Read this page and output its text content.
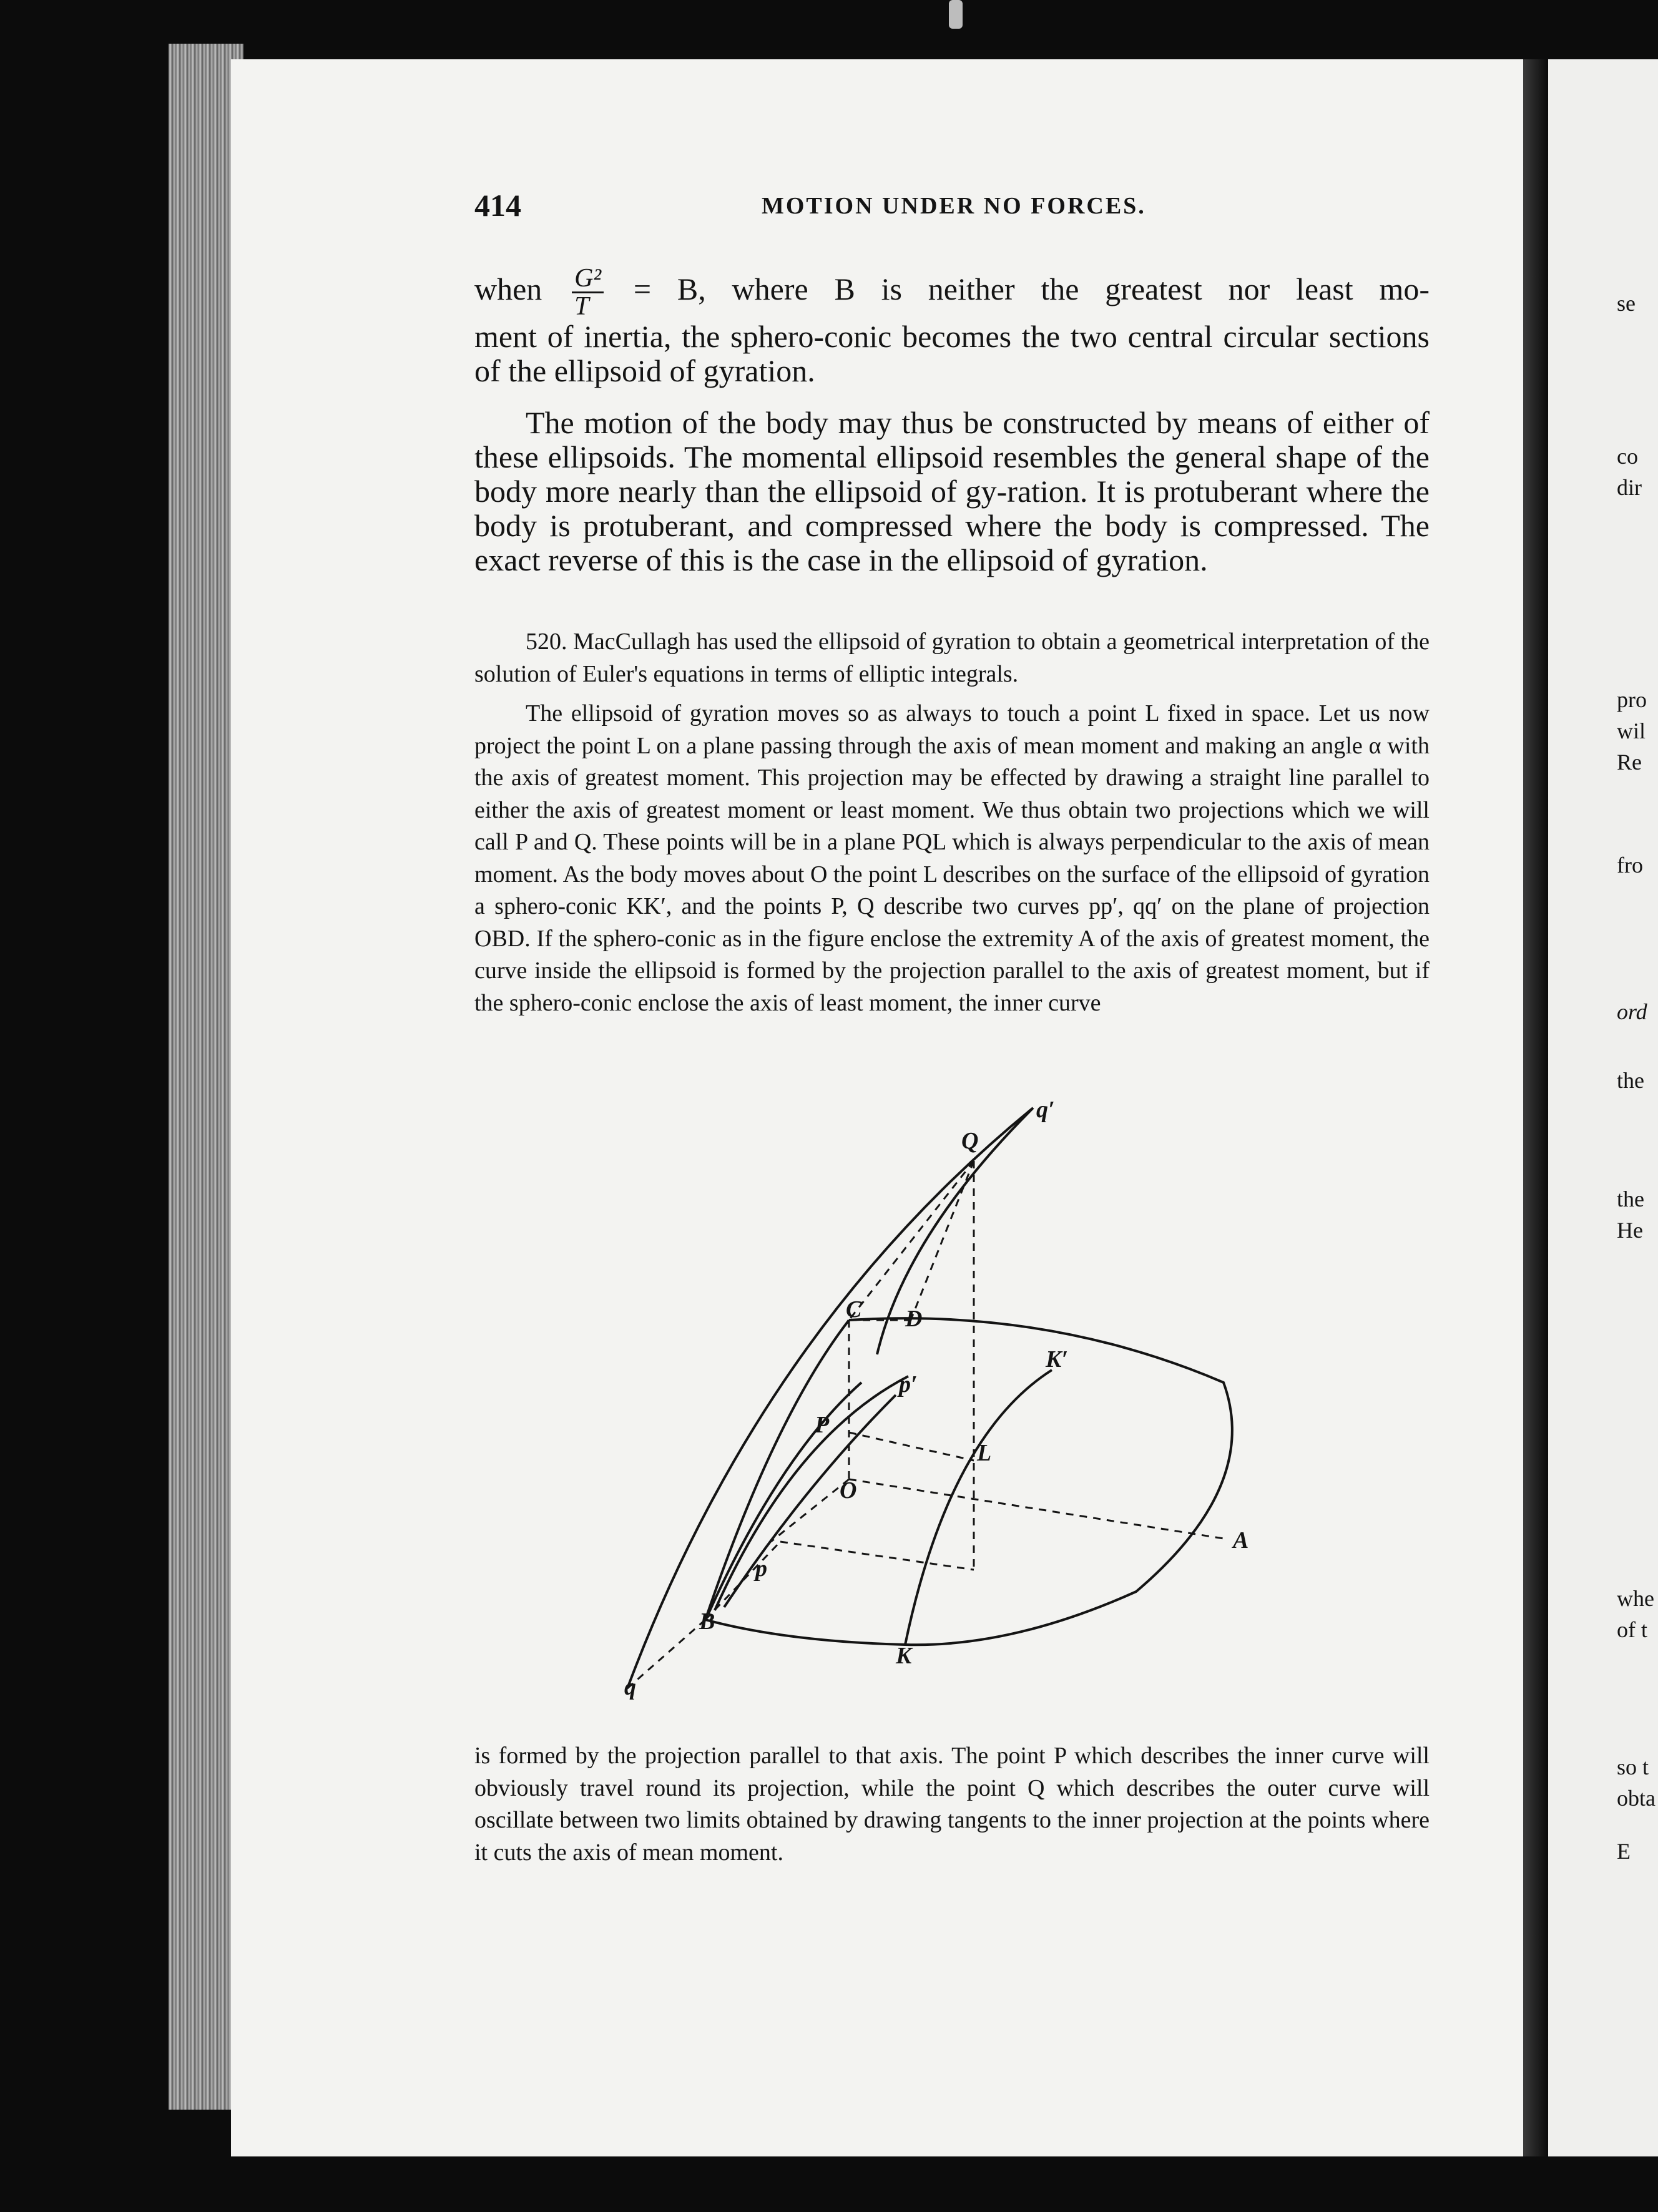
se
co
dir
pro
wil
Re
fro
ord
the
the
He
whe
of t
so t
obta
E
414	MOTION UNDER NO FORCES.
when $\frac{\text{G²}}{T} = B$, where B is neither the greatest nor least mo-
ment of inertia, the sphero-conic becomes the two central circular sections of the ellipsoid of gyration.
The motion of the body may thus be constructed by means of either of these ellipsoids. The momental ellipsoid resembles the general shape of the body more nearly than the ellipsoid of gy-ration. It is protuberant where the body is protuberant, and compressed where the body is compressed. The exact reverse of this is the case in the ellipsoid of gyration.
520. MacCullagh has used the ellipsoid of gyration to obtain a geometrical interpretation of the solution of Euler's equations in terms of elliptic integrals.
The ellipsoid of gyration moves so as always to touch a point L fixed in space. Let us now project the point L on a plane passing through the axis of mean moment and making an angle α with the axis of greatest moment. This projection may be effected by drawing a straight line parallel to either the axis of greatest moment or least moment. We thus obtain two projections which we will call P and Q. These points will be in a plane PQL which is always perpendicular to the axis of mean moment. As the body moves about O the point L describes on the surface of the ellipsoid of gyration a sphero-conic KK′, and the points P, Q describe two curves pp′, qq′ on the plane of projection OBD. If the sphero-conic as in the figure enclose the extremity A of the axis of greatest moment, the curve inside the ellipsoid is formed by the projection parallel to the axis of greatest moment, but if the sphero-conic enclose the axis of least moment, the inner curve
Q
q′
C D
K′
p′
P
L
O
A
p
B
K
q
is formed by the projection parallel to that axis. The point P which describes the inner curve will obviously travel round its projection, while the point Q which describes the outer curve will oscillate between two limits obtained by drawing tangents to the inner projection at the points where it cuts the axis of mean moment.
